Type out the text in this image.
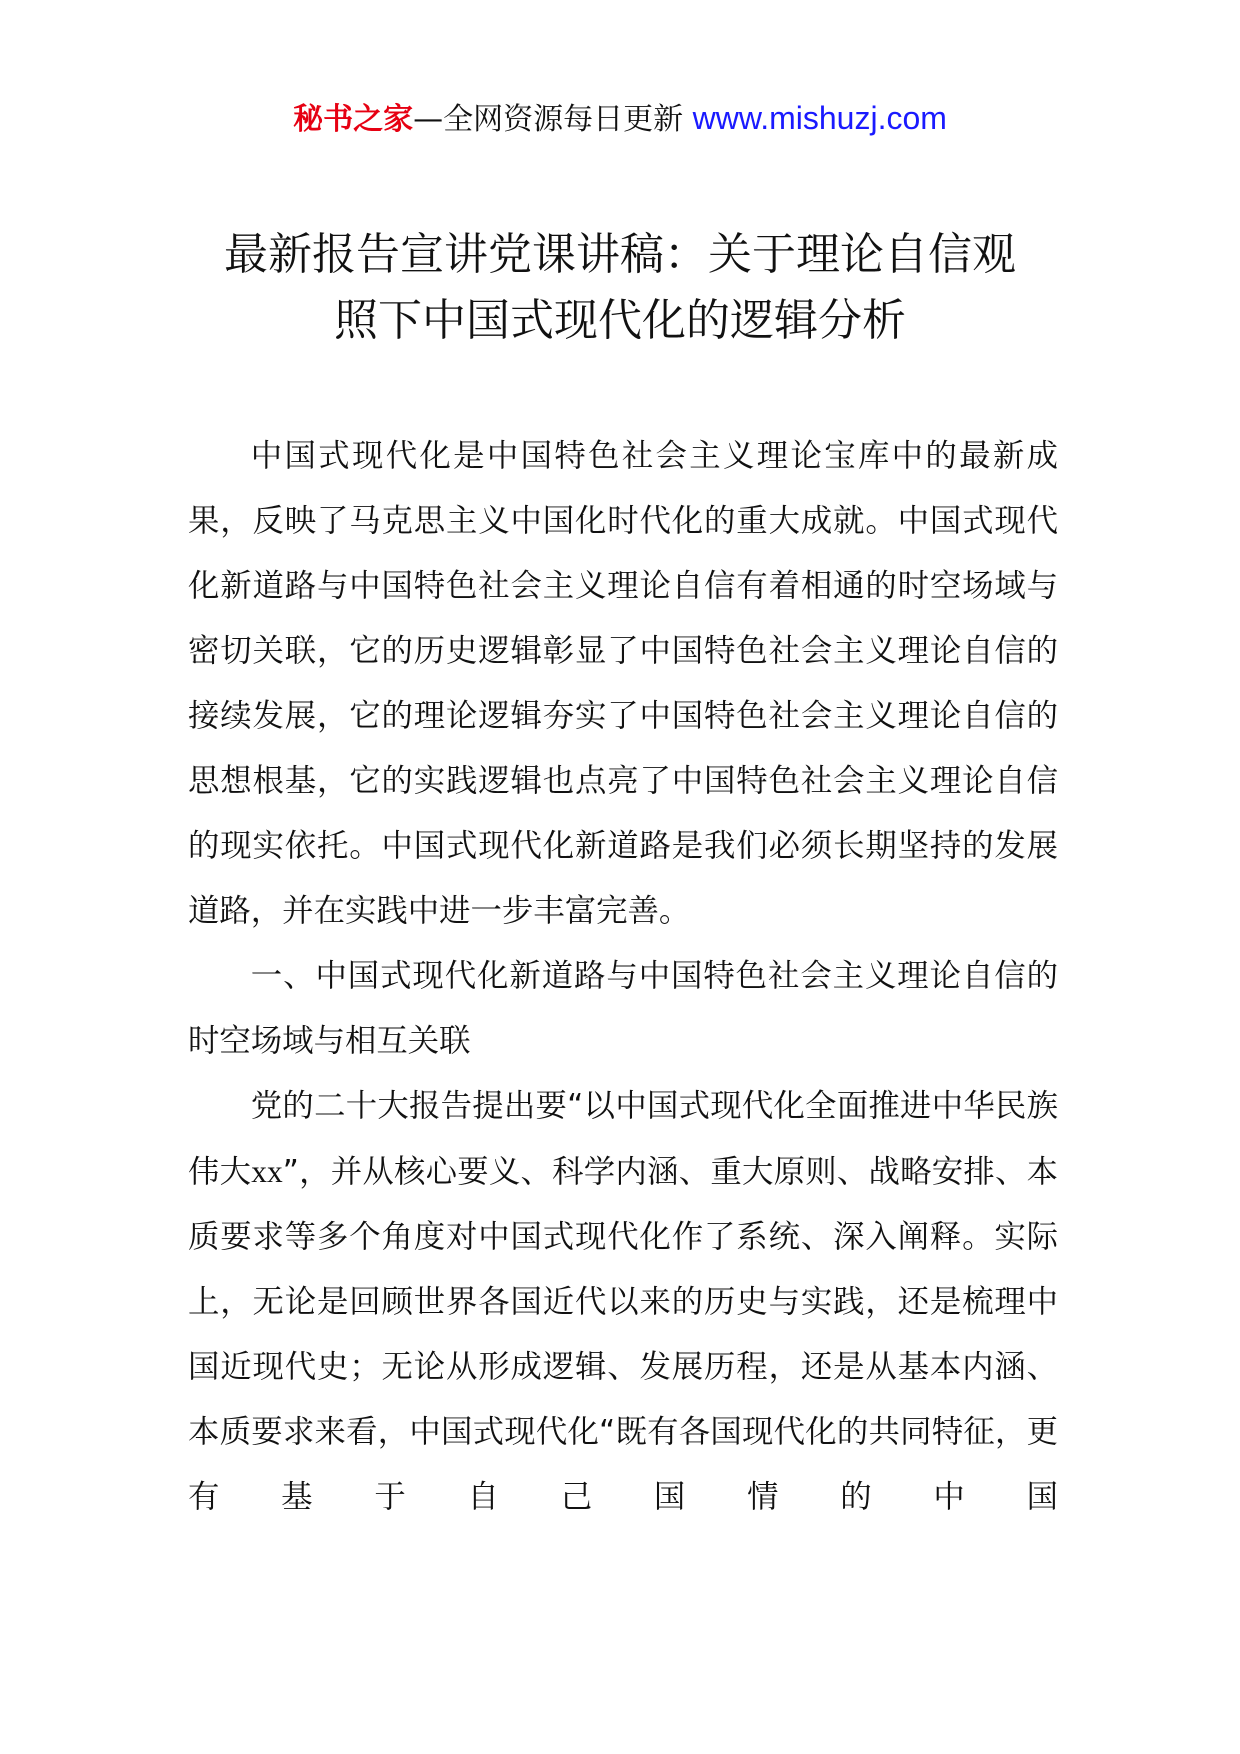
秘书之家—全网资源每日更新 www.mishuzj.com
最新报告宣讲党课讲稿：关于理论自信观
照下中国式现代化的逻辑分析

中国式现代化是中国特色社会主义理论宝库中的最新成果，反映了马克思主义中国化时代化的重大成就。中国式现代化新道路与中国特色社会主义理论自信有着相通的时空场域与密切关联，它的历史逻辑彰显了中国特色社会主义理论自信的接续发展，它的理论逻辑夯实了中国特色社会主义理论自信的思想根基，它的实践逻辑也点亮了中国特色社会主义理论自信的现实依托。中国式现代化新道路是我们必须长期坚持的发展道路，并在实践中进一步丰富完善。

一、中国式现代化新道路与中国特色社会主义理论自信的时空场域与相互关联

党的二十大报告提出要“以中国式现代化全面推进中华民族伟大xx”，并从核心要义、科学内涵、重大原则、战略安排、本质要求等多个角度对中国式现代化作了系统、深入阐释。实际上，无论是回顾世界各国近代以来的历史与实践，还是梳理中国近现代史；无论从形成逻辑、发展历程，还是从基本内涵、本质要求来看，中国式现代化“既有各国现代化的共同特征，更有基于自己国情的中国
